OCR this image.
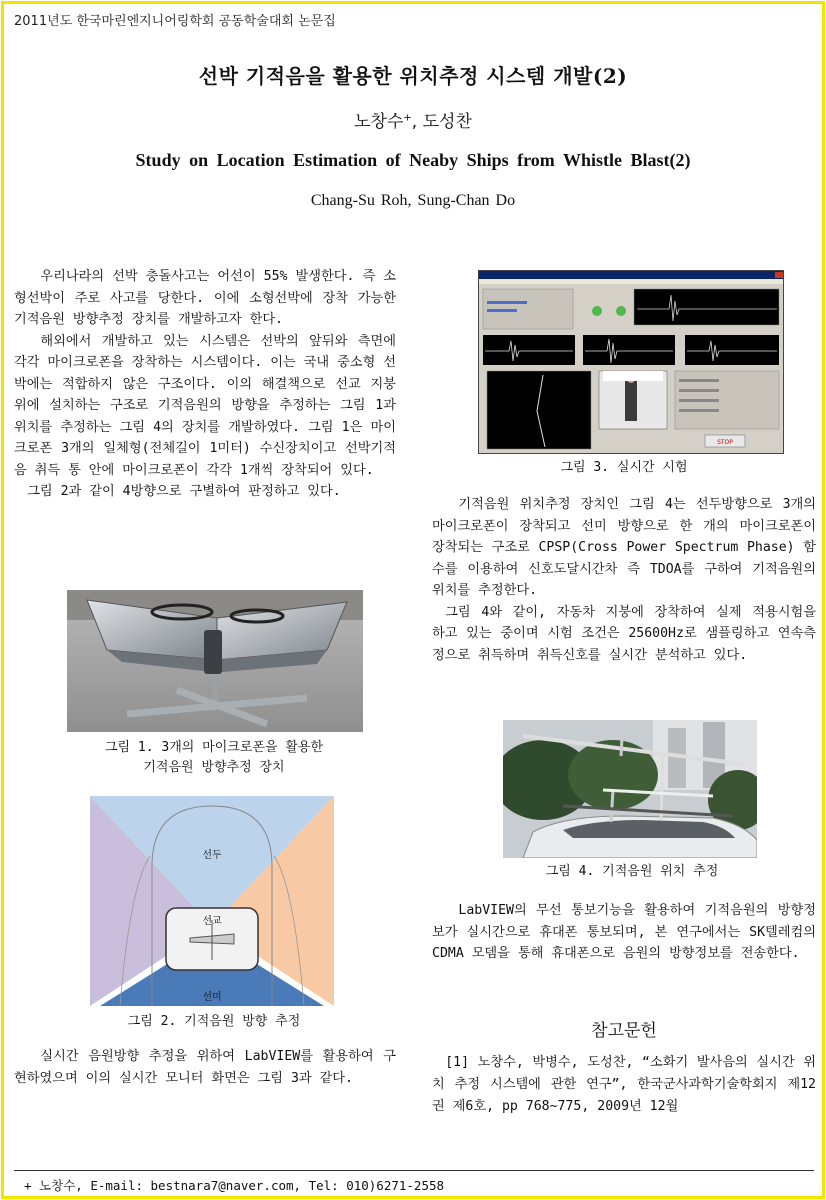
2011년도 한국마린엔지니어링학회 공동학술대회 논문집
선박 기적음을 활용한 위치추정 시스템 개발(2)
노창수+, 도성찬
Study on Location Estimation of Neaby Ships from Whistle Blast(2)
Chang-Su Roh, Sung-Chan Do

우리나라의 선박 충돌사고는 어선이 55% 발생한다. 즉 소형선박이 주로 사고를 당한다. 이에 소형선박에 장착 가능한 기적음원 방향추정 장치를 개발하고자 한다.

해외에서 개발하고 있는 시스템은 선박의 앞뒤와 측면에 각각 마이크로폰을 장착하는 시스템이다. 이는 국내 중소형 선박에는 적합하지 않은 구조이다. 이의 해결책으로 선교 지붕 위에 설치하는 구조로 기적음원의 방향을 추정하는 그림 1과 위치를 추정하는 그림 4의 장치를 개발하였다. 그림 1은 마이크로폰 3개의 일체형(전체길이 1미터) 수신장치이고 선박기적음 취득 통 안에 마이크로폰이 각각 1개씩 장착되어 있다.

그림 2과 같이 4방향으로 구별하여 판정하고 있다.

그림 1. 3개의 마이크로폰을 활용한
기적음원 방향추정 장치
선두
선교
선미
그림 2. 기적음원 방향 추정

실시간 음원방향 추정을 위하여 LabVIEW를 활용하여 구현하였으며 이의 실시간 모니터 화면은 그림 3과 같다.

STOP
그림 3. 실시간 시험

기적음원 위치추정 장치인 그림 4는 선두방향으로 3개의 마이크로폰이 장착되고 선미 방향으로 한 개의 마이크로폰이 장착되는 구조로 CPSP(Cross Power Spectrum Phase) 함수를 이용하여 신호도달시간차 즉 TDOA를 구하여 기적음원의 위치를 추정한다.

그림 4와 같이, 자동차 지붕에 장착하여 실제 적용시험을 하고 있는 중이며 시험 조건은 25600Hz로 샘플링하고 연속측정으로 취득하며 취득신호를 실시간 분석하고 있다.

그림 4. 기적음원 위치 추정

LabVIEW의 무선 통보기능을 활용하여 기적음원의 방향정보가 실시간으로 휴대폰 통보되며, 본 연구에서는 SK텔레컴의 CDMA 모뎀을 통해 휴대폰으로 음원의 방향정보를 전송한다.

참고문헌

[1] 노창수, 박병수, 도성찬, “소화기 발사음의 실시간 위치 추정 시스템에 관한 연구”, 한국군사과학기술학회지 제12권 제6호, pp 768~775, 2009년 12월

+ 노창수, E-mail: bestnara7@naver.com, Tel: 010)6271-2558
